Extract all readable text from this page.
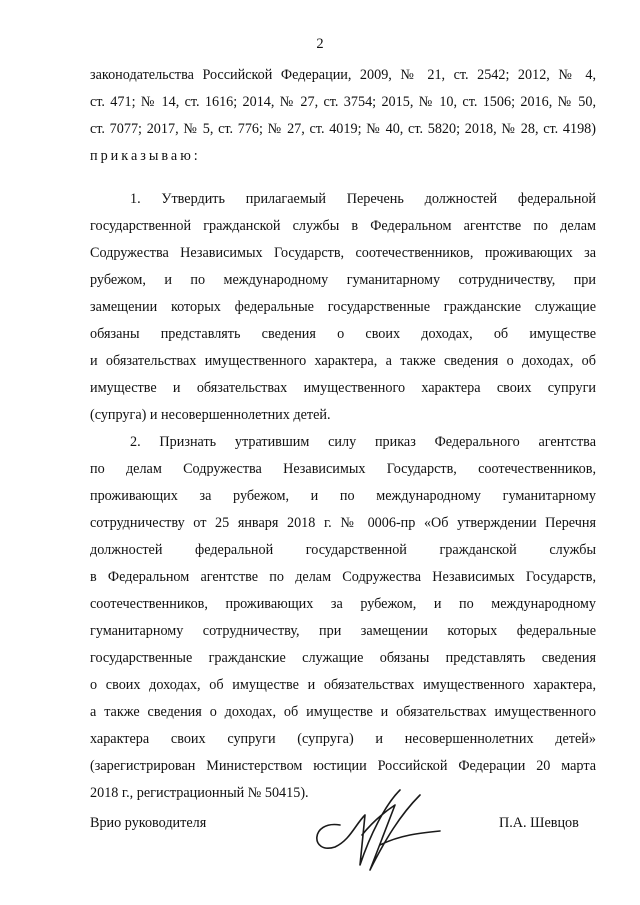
2
законодательства Российской Федерации, 2009, № 21, ст. 2542; 2012, № 4,
ст. 471; № 14, ст. 1616; 2014, № 27, ст. 3754; 2015, № 10, ст. 1506; 2016, № 50,
ст. 7077; 2017, № 5, ст. 776; № 27, ст. 4019; № 40, ст. 5820; 2018, № 28, ст. 4198)
приказываю:
1. Утвердить прилагаемый Перечень должностей федеральной
государственной гражданской службы в Федеральном агентстве по делам
Содружества Независимых Государств, соотечественников, проживающих за
рубежом, и по международному гуманитарному сотрудничеству, при
замещении которых федеральные государственные гражданские служащие
обязаны представлять сведения о своих доходах, об имуществе
и обязательствах имущественного характера, а также сведения о доходах, об
имуществе и обязательствах имущественного характера своих супруги
(супруга) и несовершеннолетних детей.
2. Признать утратившим силу приказ Федерального агентства
по делам Содружества Независимых Государств, соотечественников,
проживающих за рубежом, и по международному гуманитарному
сотрудничеству от 25 января 2018 г. № 0006-пр «Об утверждении Перечня
должностей федеральной государственной гражданской службы
в Федеральном агентстве по делам Содружества Независимых Государств,
соотечественников, проживающих за рубежом, и по международному
гуманитарному сотрудничеству, при замещении которых федеральные
государственные гражданские служащие обязаны представлять сведения
о своих доходах, об имуществе и обязательствах имущественного характера,
а также сведения о доходах, об имуществе и обязательствах имущественного
характера своих супруги (супруга) и несовершеннолетних детей»
(зарегистрирован Министерством юстиции Российской Федерации 20 марта
2018 г., регистрационный № 50415).
Врио руководителя	П.А. Шевцов
